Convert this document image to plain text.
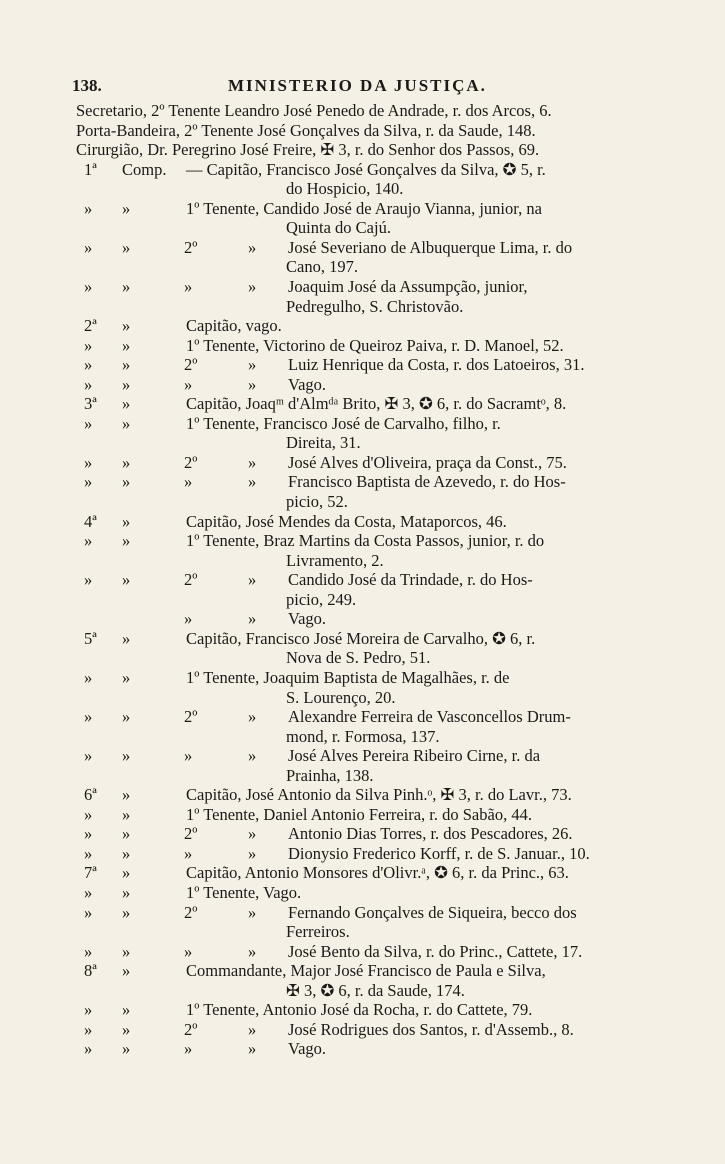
138.	MINISTERIO DA JUSTIÇA.
Secretario, 2º Tenente Leandro José Penedo de Andrade, r. dos Arcos, 6.
Porta-Bandeira, 2º Tenente José Gonçalves da Silva, r. da Saude, 148.
Cirurgião, Dr. Peregrino José Freire, ✠ 3, r. do Senhor dos Passos, 69.
1ª Comp. — Capitão, Francisco José Gonçalves da Silva, ✪ 5, r.
do Hospicio, 140.
» »	1º Tenente, Candido José de Araujo Vianna, junior, na
Quinta do Cajú.
» »	2º	» José Severiano de Albuquerque Lima, r. do
Cano, 197.
» »	»	» Joaquim José da Assumpção, junior,
Pedregulho, S. Christovão.
2ª »	Capitão, vago.
» »	1º Tenente, Victorino de Queiroz Paiva, r. D. Manoel, 52.
» »	2º	» Luiz Henrique da Costa, r. dos Latoeiros, 31.
» »	»	» Vago.
3ª »	Capitão, Joaqᵐ d'Almᵈᵃ Brito, ✠ 3, ✪ 6, r. do Sacramtᵒ, 8.
» »	1º Tenente, Francisco José de Carvalho, filho, r.
Direita, 31.
» »	2º	» José Alves d'Oliveira, praça da Const., 75.
» »	»	» Francisco Baptista de Azevedo, r. do Hos-
picio, 52.
4ª »	Capitão, José Mendes da Costa, Mataporcos, 46.
» »	1º Tenente, Braz Martins da Costa Passos, junior, r. do
Livramento, 2.
» »	2º	» Candido José da Trindade, r. do Hos-
picio, 249.
»	» Vago.
5ª »	Capitão, Francisco José Moreira de Carvalho, ✪ 6, r.
Nova de S. Pedro, 51.
» »	1º Tenente, Joaquim Baptista de Magalhães, r. de
S. Lourenço, 20.
» »	2º	» Alexandre Ferreira de Vasconcellos Drum-
mond, r. Formosa, 137.
» »	»	» José Alves Pereira Ribeiro Cirne, r. da
Prainha, 138.
6ª »	Capitão, José Antonio da Silva Pinh.ᵒ, ✠ 3, r. do Lavr., 73.
» »	1º Tenente, Daniel Antonio Ferreira, r. do Sabão, 44.
» »	2º	» Antonio Dias Torres, r. dos Pescadores, 26.
» »	»	» Dionysio Frederico Korff, r. de S. Januar., 10.
7ª »	Capitão, Antonio Monsores d'Olivr.ᵃ, ✪ 6, r. da Princ., 63.
» »	1º Tenente, Vago.
» »	2º	» Fernando Gonçalves de Siqueira, becco dos
Ferreiros.
» »	»	» José Bento da Silva, r. do Princ., Cattete, 17.
8ª »	Commandante, Major José Francisco de Paula e Silva,
✠ 3, ✪ 6, r. da Saude, 174.
» »	1º Tenente, Antonio José da Rocha, r. do Cattete, 79.
» »	2º	» José Rodrigues dos Santos, r. d'Assemb., 8.
» »	»	» Vago.
